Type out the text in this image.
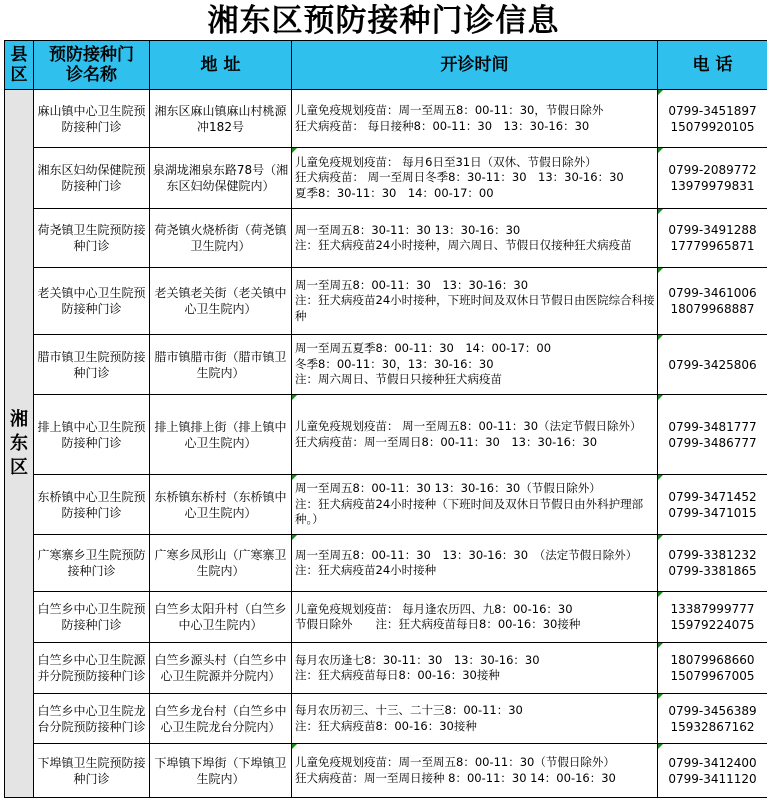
湘东区预防接种门诊信息
县区	预防接种门诊名称	地 址	开诊时间	电 话

湘东区	麻山镇中心卫生院预防接种门诊	湘东区麻山镇麻山村桃源冲182号	儿童免疫规划疫苗：周一至周五8：00-11：30，节假日除外
狂犬病疫苗： 每日接种8：00-11：30　13：30-16：30	0799-3451897
15079920105
	湘东区妇幼保健院预防接种门诊	泉湖垅湘泉东路78号（湘东区妇幼保健院内）	儿童免疫规划疫苗： 每月6日至31日（双休、节假日除外）
狂犬病疫苗： 周一至周日冬季8：30-11：30　13：30-16：30
夏季8：30-11：30　14：00-17：00	0799-2089772
13979979831
	荷尧镇卫生院预防接种门诊	荷尧镇火烧桥街（荷尧镇卫生院内）	周一至周五8：30-11：30 13：30-16：30
注：狂犬病疫苗24小时接种，周六周日、节假日仅接种狂犬病疫苗	0799-3491288
17779965871
	老关镇中心卫生院预防接种门诊	老关镇老关街（老关镇中心卫生院内）	周一至周五8：00-11：30　13：30-16：30
注：狂犬病疫苗24小时接种，下班时间及双休日节假日由医院综合科接种	0799-3461006
18079968887
	腊市镇卫生院预防接种门诊	腊市镇腊市街（腊市镇卫生院内）	周一至周五夏季8：00-11：30　14：00-17：00
冬季8：00-11：30，13：30-16：30
注：周六周日、节假日只接种狂犬病疫苗	0799-3425806
	排上镇中心卫生院预防接种门诊	排上镇排上街（排上镇中心卫生院内）	儿童免疫规划疫苗： 周一至周五8：00-11：30（法定节假日除外）
狂犬病疫苗：周一至周日8：00-11：30　13：30-16：30	0799-3481777
0799-3486777
	东桥镇中心卫生院预防接种门诊	东桥镇东桥村（东桥镇中心卫生院内）	周一至周五8：00-11：30 13：30-16：30（节假日除外）
注：狂犬病疫苗24小时接种（下班时间及双休日节假日由外科护理部种。）	0799-3471452
0799-3471015
	广寒寨乡卫生院预防接种门诊	广寒乡凤形山（广寒寨卫生院内）	周一至周五8：00-11：30　13：30-16：30　（法定节假日除外）　注：狂犬病疫苗24小时接种	0799-3381232
0799-3381865
	白竺乡中心卫生院预防接种门诊	白竺乡太阳升村（白竺乡中心卫生院内）	儿童免疫规划疫苗： 每月逢农历四、九8：00-16：30
节假日除外　　注：狂犬病疫苗每日8：00-16：30接种	13387999777
15979224075
	白竺乡中心卫生院源并分院预防接种门诊	白竺乡源头村（白竺乡中心卫生院源并分院内）	每月农历逢七8：30-11：30　13：30-16：30
注：狂犬病疫苗每日8：00-16：30接种	18079968660
15079967005
	白竺乡中心卫生院龙台分院预防接种门诊	白竺乡龙台村（白竺乡中心卫生院龙台分院内）	每月农历初三、十三、二十三8：00-11：30
注：狂犬病疫苗8：00-16：30接种	0799-3456389
15932867162
	下埠镇卫生院预防接种门诊	下埠镇下埠街（下埠镇卫生院内）	儿童免疫规划疫苗：周一至周五8：00-11：30（节假日除外）
狂犬病疫苗：周一至周日接种 8：00-11：30 14：00-16：30	0799-3412400
0799-3411120
